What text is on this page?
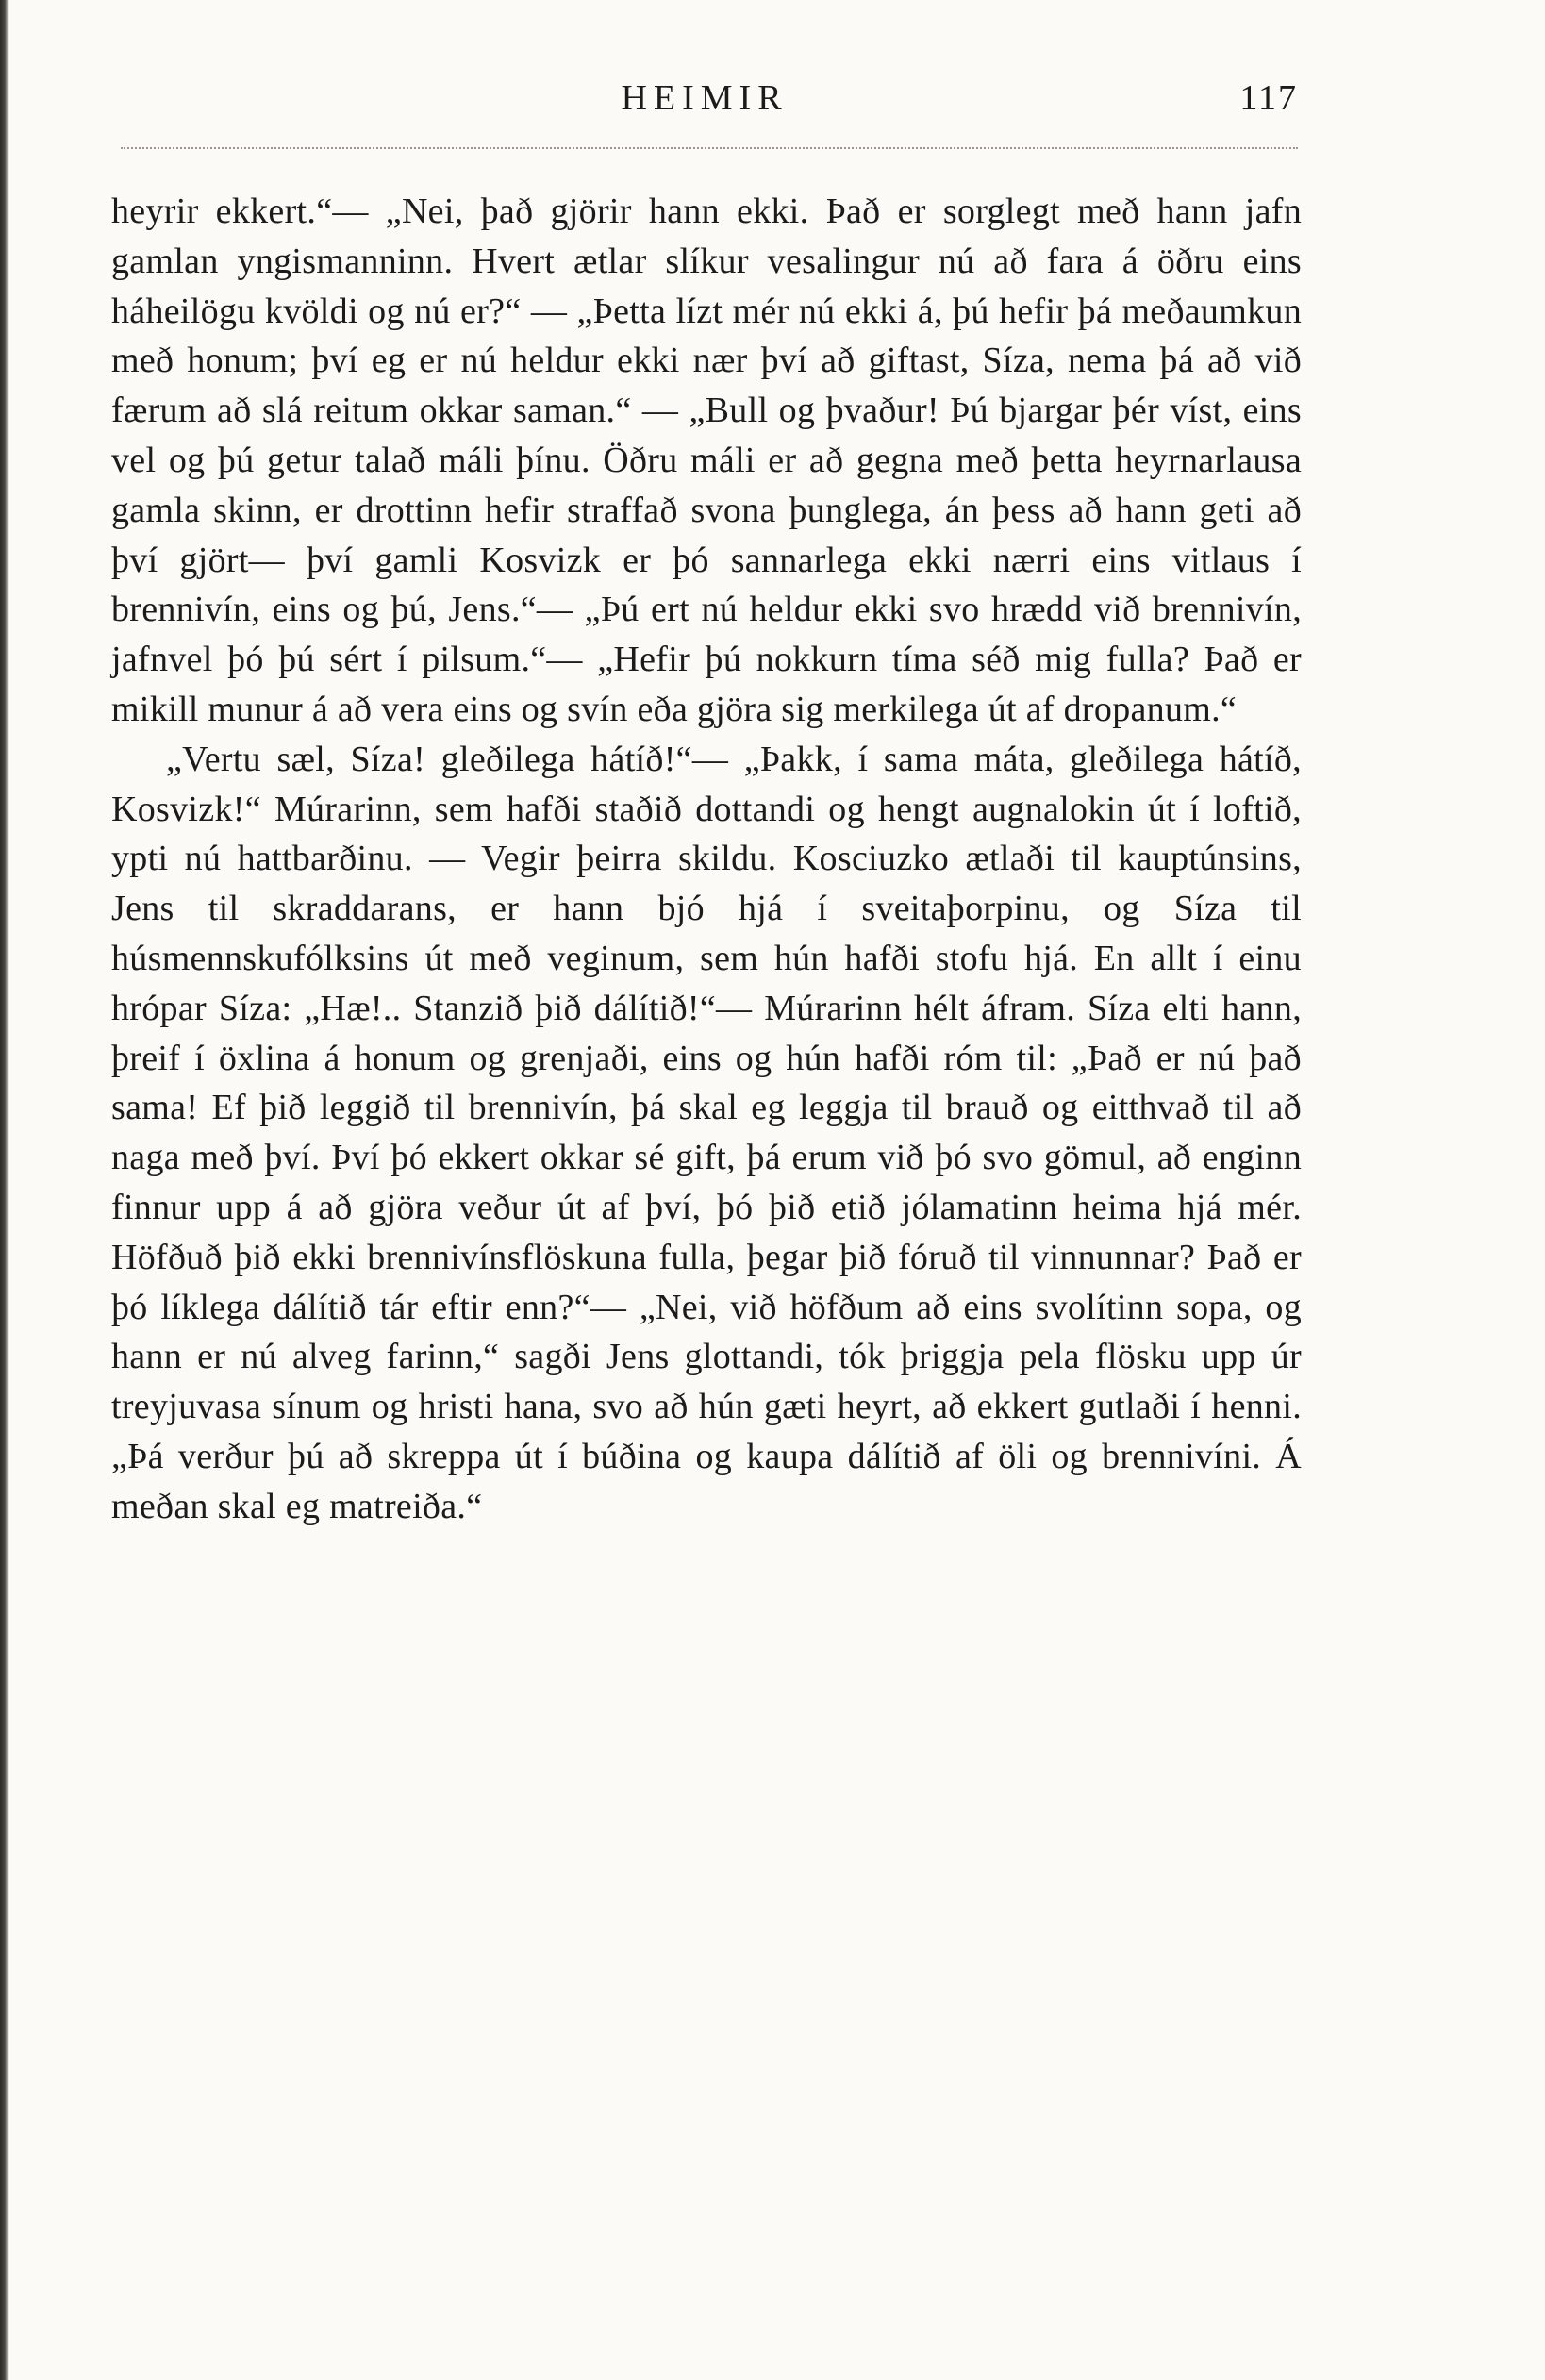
HEIMIR	117

heyrir ekkert.“— „Nei, það gjörir hann ekki. Það er sorglegt með hann jafn gamlan yngismanninn. Hvert ætlar slíkur vesalingur nú að fara á öðru eins háheilögu kvöldi og nú er?“ — „Þetta lízt mér nú ekki á, þú hefir þá meðaumkun með honum; því eg er nú heldur ekki nær því að giftast, Síza, nema þá að við færum að slá reitum okkar saman.“ — „Bull og þvaður! Þú bjargar þér víst, eins vel og þú getur talað máli þínu. Öðru máli er að gegna með þetta heyrnarlausa gamla skinn, er drottinn hefir straffað svona þunglega, án þess að hann geti að því gjört— því gamli Kosvizk er þó sannarlega ekki nærri eins vitlaus í brennivín, eins og þú, Jens.“— „Þú ert nú heldur ekki svo hrædd við brennivín, jafnvel þó þú sért í pilsum.“— „Hefir þú nokkurn tíma séð mig fulla? Það er mikill munur á að vera eins og svín eða gjöra sig merkilega út af dropanum.“

„Vertu sæl, Síza! gleðilega hátíð!“— „Þakk, í sama máta, gleðilega hátíð, Kosvizk!“ Múrarinn, sem hafði staðið dottandi og hengt augnalokin út í loftið, ypti nú hattbarðinu. — Vegir þeirra skildu. Kosciuzko ætlaði til kauptúnsins, Jens til skraddarans, er hann bjó hjá í sveitaþorpinu, og Síza til húsmennskufólksins út með veginum, sem hún hafði stofu hjá. En allt í einu hrópar Síza: „Hæ!.. Stanzið þið dálítið!“— Múrarinn hélt áfram. Síza elti hann, þreif í öxlina á honum og grenjaði, eins og hún hafði róm til: „Það er nú það sama! Ef þið leggið til brennivín, þá skal eg leggja til brauð og eitthvað til að naga með því. Því þó ekkert okkar sé gift, þá erum við þó svo gömul, að enginn finnur upp á að gjöra veður út af því, þó þið etið jólamatinn heima hjá mér. Höfðuð þið ekki brennivínsflöskuna fulla, þegar þið fóruð til vinnunnar? Það er þó líklega dálítið tár eftir enn?“— „Nei, við höfðum að eins svolítinn sopa, og hann er nú alveg farinn,“ sagði Jens glottandi, tók þriggja pela flösku upp úr treyjuvasa sínum og hristi hana, svo að hún gæti heyrt, að ekkert gutlaði í henni. „Þá verður þú að skreppa út í búðina og kaupa dálítið af öli og brennivíni. Á meðan skal eg matreiða.“
